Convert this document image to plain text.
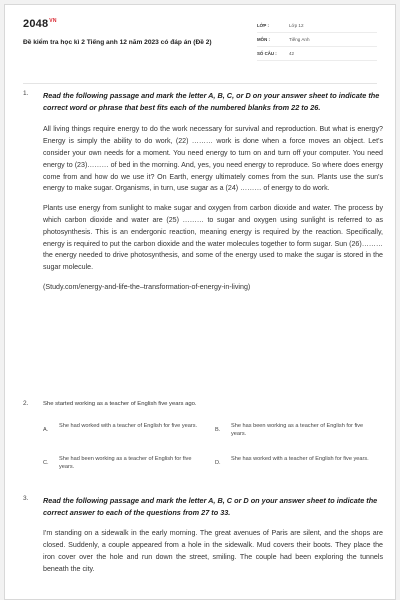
$2048^{VN}$
Đề kiểm tra học kì 2 Tiếng anh 12 năm 2023 có đáp án (Đề 2)
LỚP :	Lớp 12
MÔN :	Tiếng Anh
SỐ CÂU :	42
1. Read the following passage and mark the letter A, B, C, or D on your answer sheet to indicate the correct word or phrase that best fits each of the numbered blanks from 22 to 26.
All living things require energy to do the work necessary for survival and reproduction. But what is energy? Energy is simply the ability to do work, (22) ……… work is done when a force moves an object. Let's consider your own needs for a moment. You need energy to turn on and turn off your computer. You need energy to (23)……… of bed in the morning. And, yes, you need energy to reproduce. So where does energy come from and how do we use it? On Earth, energy ultimately comes from the sun. Plants use the sun's energy to make sugar. Organisms, in turn, use sugar as a (24) ……… of energy to do work.
Plants use energy from sunlight to make sugar and oxygen from carbon dioxide and water. The process by which carbon dioxide and water are (25) ……… to sugar and oxygen using sunlight is referred to as photosynthesis. This is an endergonic reaction, meaning energy is required by the reaction. Specifically, energy is required to put the carbon dioxide and the water molecules together to form sugar. Sun (26)………the energy needed to drive photosynthesis, and some of the energy used to make the sugar is stored in the sugar molecule.
(Study.com/energy-and-life-the–transformation-of-energy-in-living)
2. She started working as a teacher of English five years ago.
A.
She had worked with a teacher of English for five years.
B.
She has been working as a teacher of English for five years.
C.
She had been working as a teacher of English for five years.
D.
She has worked with a teacher of English for five years.
3. Read the following passage and mark the letter A, B, C or D on your answer sheet to indicate the correct answer to each of the questions from 27 to 33.
I'm standing on a sidewalk in the early morning. The great avenues of Paris are silent, and the shops are closed. Suddenly, a couple appeared from a hole in the sidewalk. Mud covers their boots. They place the iron cover over the hole and run down the street, smiling. The couple had been exploring the tunnels beneath the city.
